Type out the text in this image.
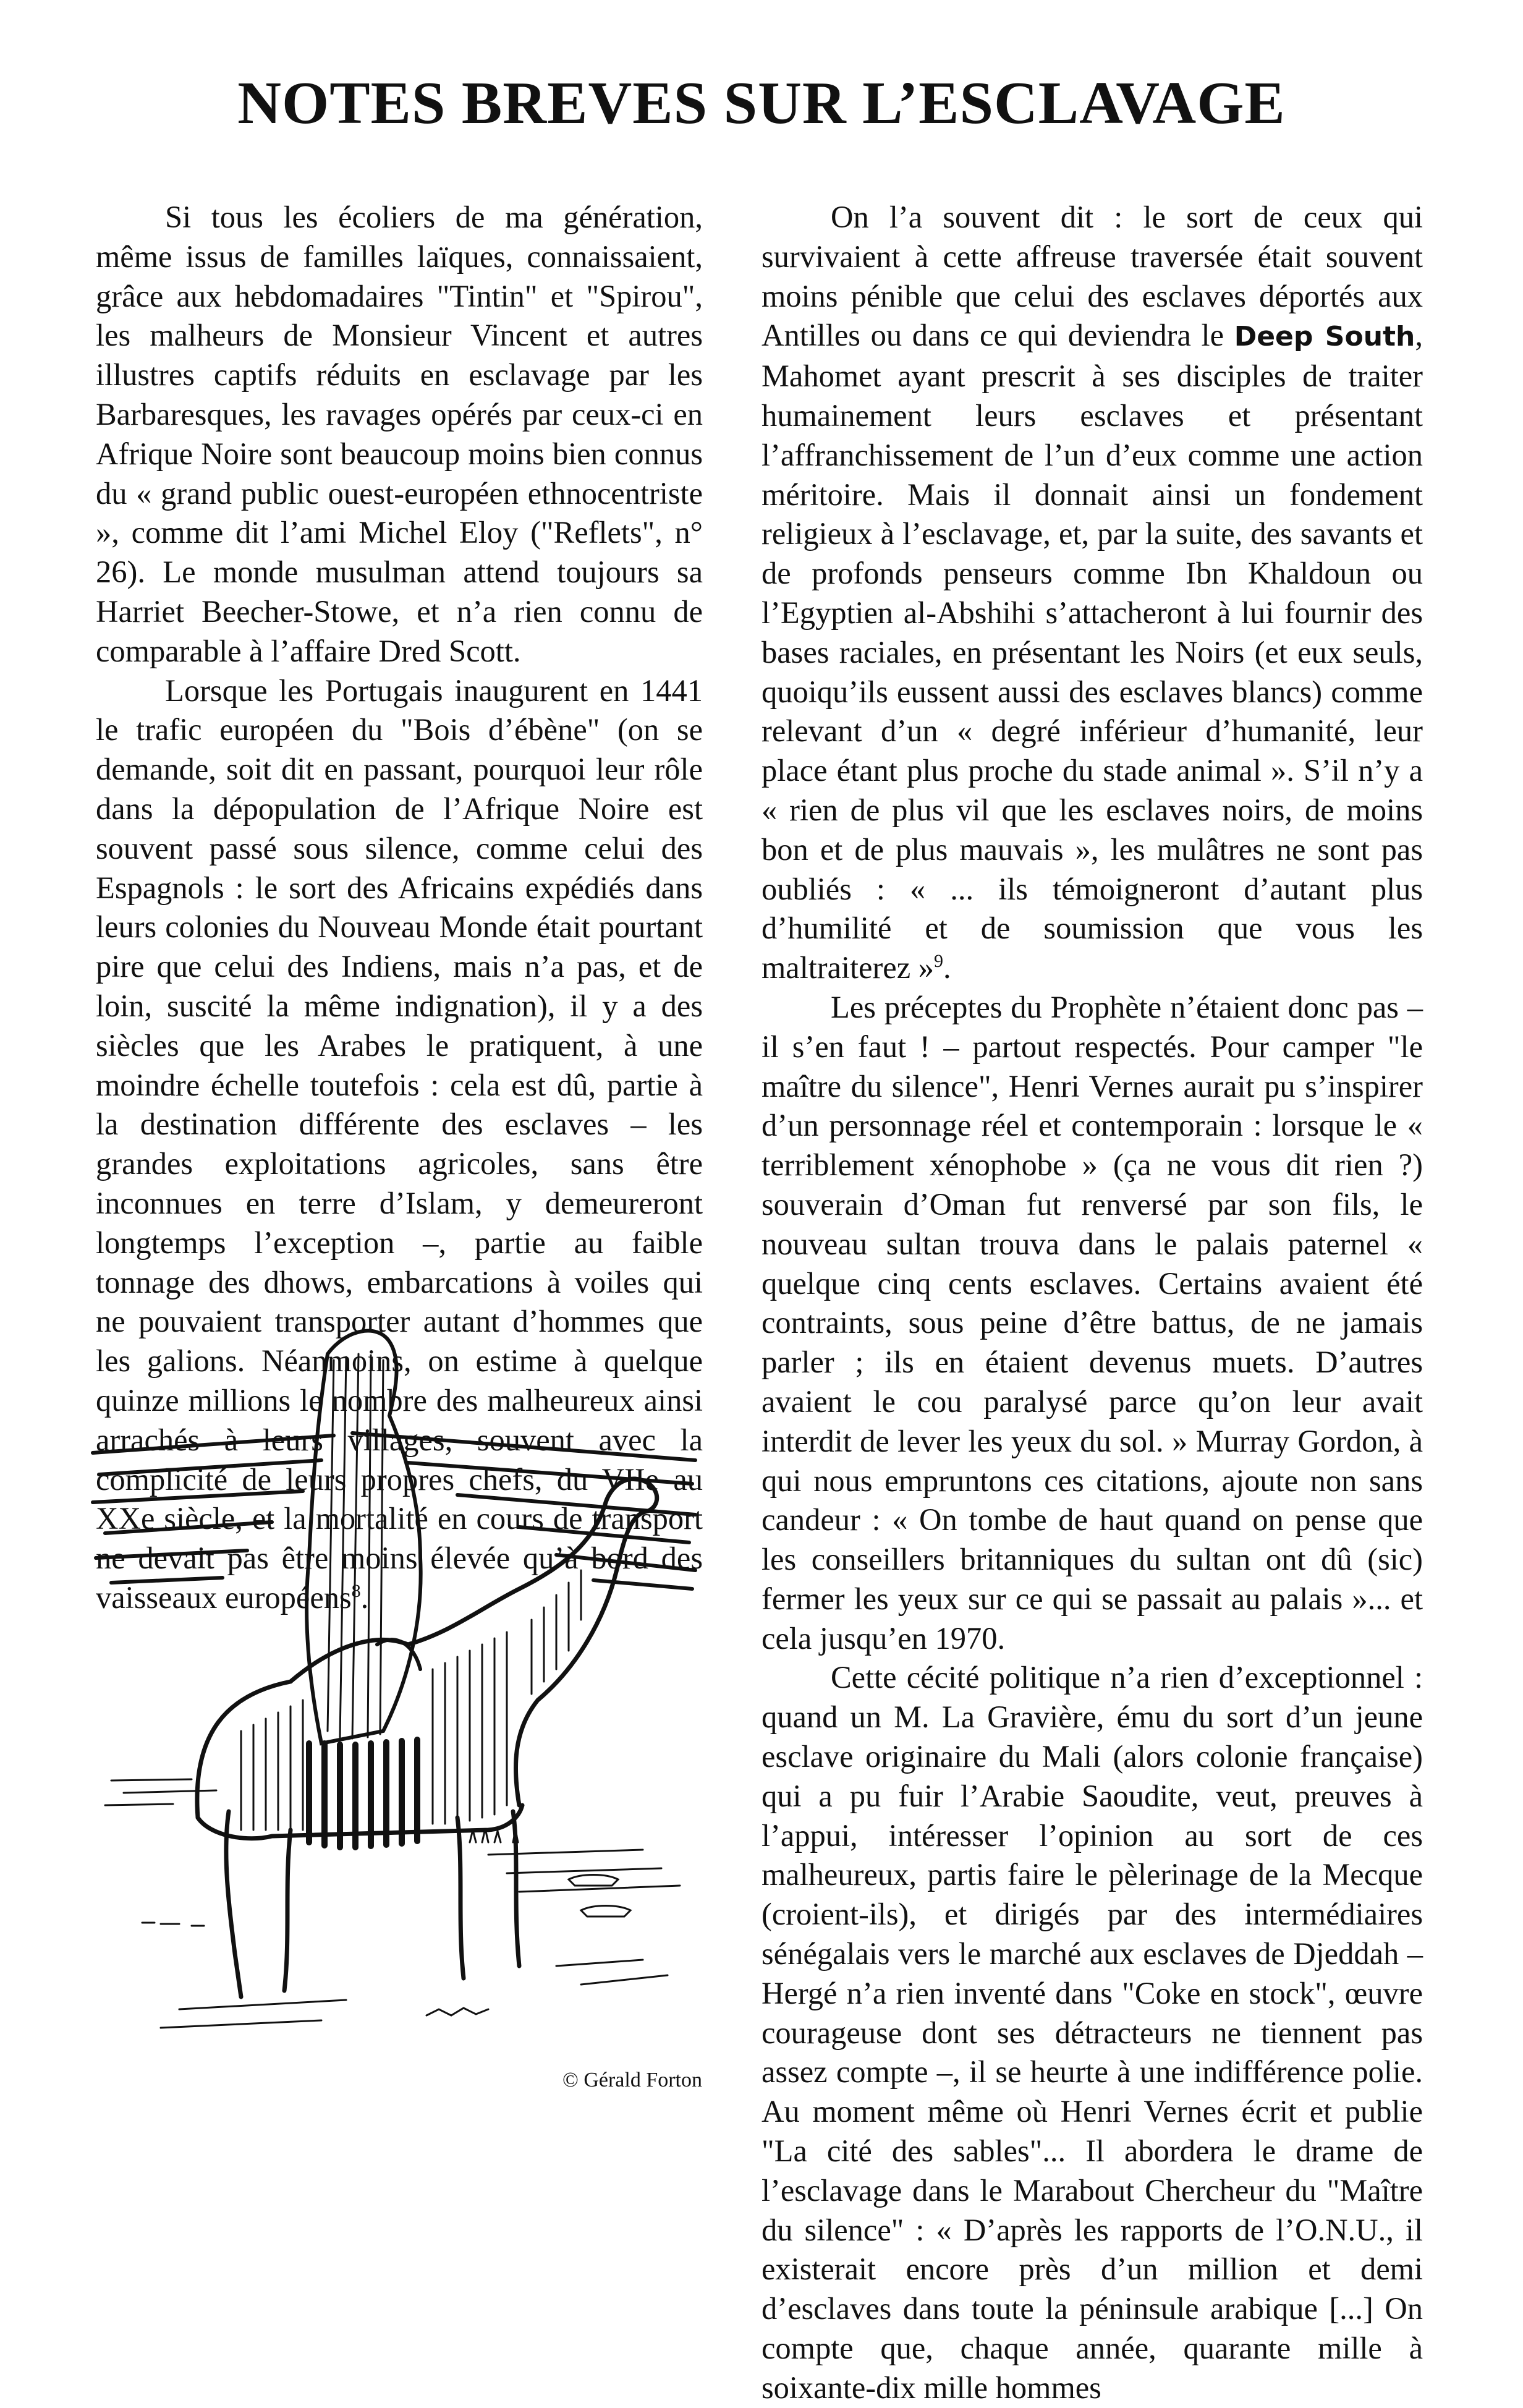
NOTES BREVES SUR L’ESCLAVAGE

Si tous les écoliers de ma génération, même issus de familles laïques, connaissaient, grâce aux hebdomadaires "Tintin" et "Spirou", les malheurs de Monsieur Vincent et autres illustres captifs réduits en esclavage par les Barbaresques, les ravages opérés par ceux-ci en Afrique Noire sont beaucoup moins bien connus du « grand public ouest-européen ethnocentriste », comme dit l’ami Michel Eloy ("Reflets", n° 26). Le monde musulman attend toujours sa Harriet Beecher-Stowe, et n’a rien connu de comparable à l’affaire Dred Scott.

Lorsque les Portugais inaugurent en 1441 le trafic européen du "Bois d’ébène" (on se demande, soit dit en passant, pourquoi leur rôle dans la dépopulation de l’Afrique Noire est souvent passé sous silence, comme celui des Espagnols : le sort des Africains expédiés dans leurs colonies du Nouveau Monde était pourtant pire que celui des Indiens, mais n’a pas, et de loin, suscité la même indignation), il y a des siècles que les Arabes le pratiquent, à une moindre échelle toutefois : cela est dû, partie à la destination différente des esclaves – les grandes exploitations agricoles, sans être inconnues en terre d’Islam, y demeureront longtemps l’exception –, partie au faible tonnage des dhows, embarcations à voiles qui ne pouvaient transporter autant d’hommes que les galions. Néanmoins, on estime à quelque quinze millions le nombre des malheureux ainsi arrachés à leurs villages, souvent avec la complicité de leurs propres chefs, du VIIe au XXe siècle, et la mortalité en cours de transport ne devait pas être moins élevée qu’à bord des vaisseaux européens$^8$.

On l’a souvent dit : le sort de ceux qui survivaient à cette affreuse traversée était souvent moins pénible que celui des esclaves déportés aux Antilles ou dans ce qui deviendra le Deep South, Mahomet ayant prescrit à ses disciples de traiter humainement leurs esclaves et présentant l’affranchissement de l’un d’eux comme une action méritoire. Mais il donnait ainsi un fondement religieux à l’esclavage, et, par la suite, des savants et de profonds penseurs comme Ibn Khaldoun ou l’Egyptien al-Abshihi s’attacheront à lui fournir des bases raciales, en présentant les Noirs (et eux seuls, quoiqu’ils eussent aussi des esclaves blancs) comme relevant d’un « degré inférieur d’humanité, leur place étant plus proche du stade animal ». S’il n’y a « rien de plus vil que les esclaves noirs, de moins bon et de plus mauvais », les mulâtres ne sont pas oubliés : « ... ils témoigneront d’autant plus d’humilité et de soumission que vous les maltraiterez »$^9$.

Les préceptes du Prophète n’étaient donc pas – il s’en faut ! – partout respectés. Pour camper "le maître du silence", Henri Vernes aurait pu s’inspirer d’un personnage réel et contemporain : lorsque le « terriblement xénophobe » (ça ne vous dit rien ?) souverain d’Oman fut renversé par son fils, le nouveau sultan trouva dans le palais paternel « quelque cinq cents esclaves. Certains avaient été contraints, sous peine d’être battus, de ne jamais parler ; ils en étaient devenus muets. D’autres avaient le cou paralysé parce qu’on leur avait interdit de lever les yeux du sol. » Murray Gordon, à qui nous empruntons ces citations, ajoute non sans candeur : « On tombe de haut quand on pense que les conseillers britanniques du sultan ont dû (sic) fermer les yeux sur ce qui se passait au palais »... et cela jusqu’en 1970.

Cette cécité politique n’a rien d’exceptionnel : quand un M. La Gravière, ému du sort d’un jeune esclave originaire du Mali (alors colonie française) qui a pu fuir l’Arabie Saoudite, veut, preuves à l’appui, intéresser l’opinion au sort de ces malheureux, partis faire le pèlerinage de la Mecque (croient-ils), et dirigés par des intermédiaires sénégalais vers le marché aux esclaves de Djeddah – Hergé n’a rien inventé dans "Coke en stock", œuvre courageuse dont ses détracteurs ne tiennent pas assez compte –, il se heurte à une indifférence polie. Au moment même où Henri Vernes écrit et publie "La cité des sables"... Il abordera le drame de l’esclavage dans le Marabout Chercheur du "Maître du silence" : « D’après les rapports de l’O.N.U., il existerait encore près d’un million et demi d’esclaves dans toute la péninsule arabique [...] On compte que, chaque année, quarante mille à soixante-dix mille hommes

© Gérald Forton
